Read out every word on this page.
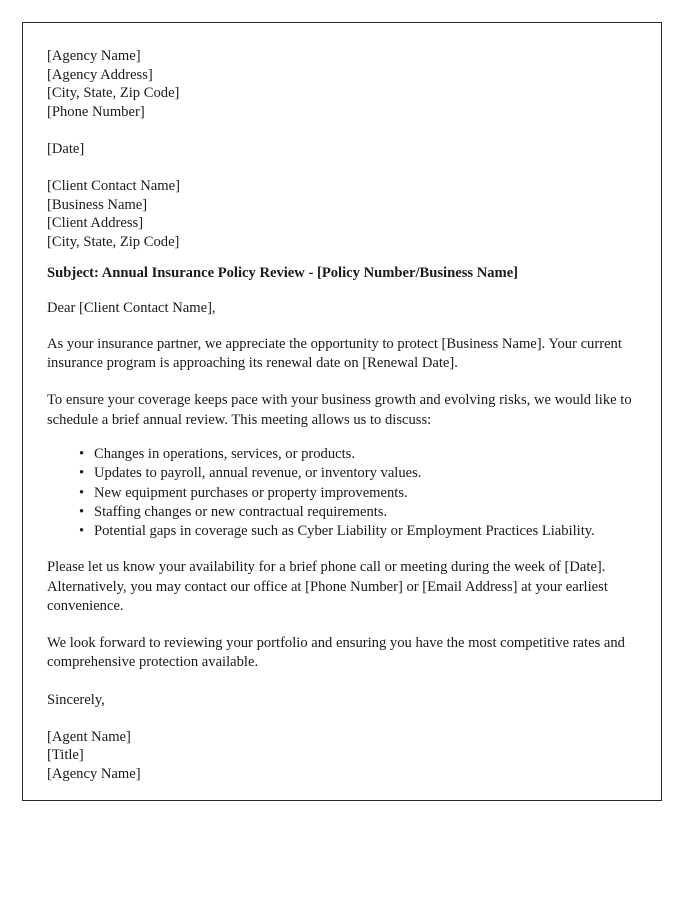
[Agency Name]
[Agency Address]
[City, State, Zip Code]
[Phone Number]
[Date]
[Client Contact Name]
[Business Name]
[Client Address]
[City, State, Zip Code]
Subject: Annual Insurance Policy Review - [Policy Number/Business Name]
Dear [Client Contact Name],
As your insurance partner, we appreciate the opportunity to protect [Business Name]. Your current insurance program is approaching its renewal date on [Renewal Date].
To ensure your coverage keeps pace with your business growth and evolving risks, we would like to schedule a brief annual review. This meeting allows us to discuss:
• Changes in operations, services, or products.
• Updates to payroll, annual revenue, or inventory values.
• New equipment purchases or property improvements.
• Staffing changes or new contractual requirements.
• Potential gaps in coverage such as Cyber Liability or Employment Practices Liability.
Please let us know your availability for a brief phone call or meeting during the week of [Date]. Alternatively, you may contact our office at [Phone Number] or [Email Address] at your earliest convenience.
We look forward to reviewing your portfolio and ensuring you have the most competitive rates and comprehensive protection available.
Sincerely,
[Agent Name]
[Title]
[Agency Name]
